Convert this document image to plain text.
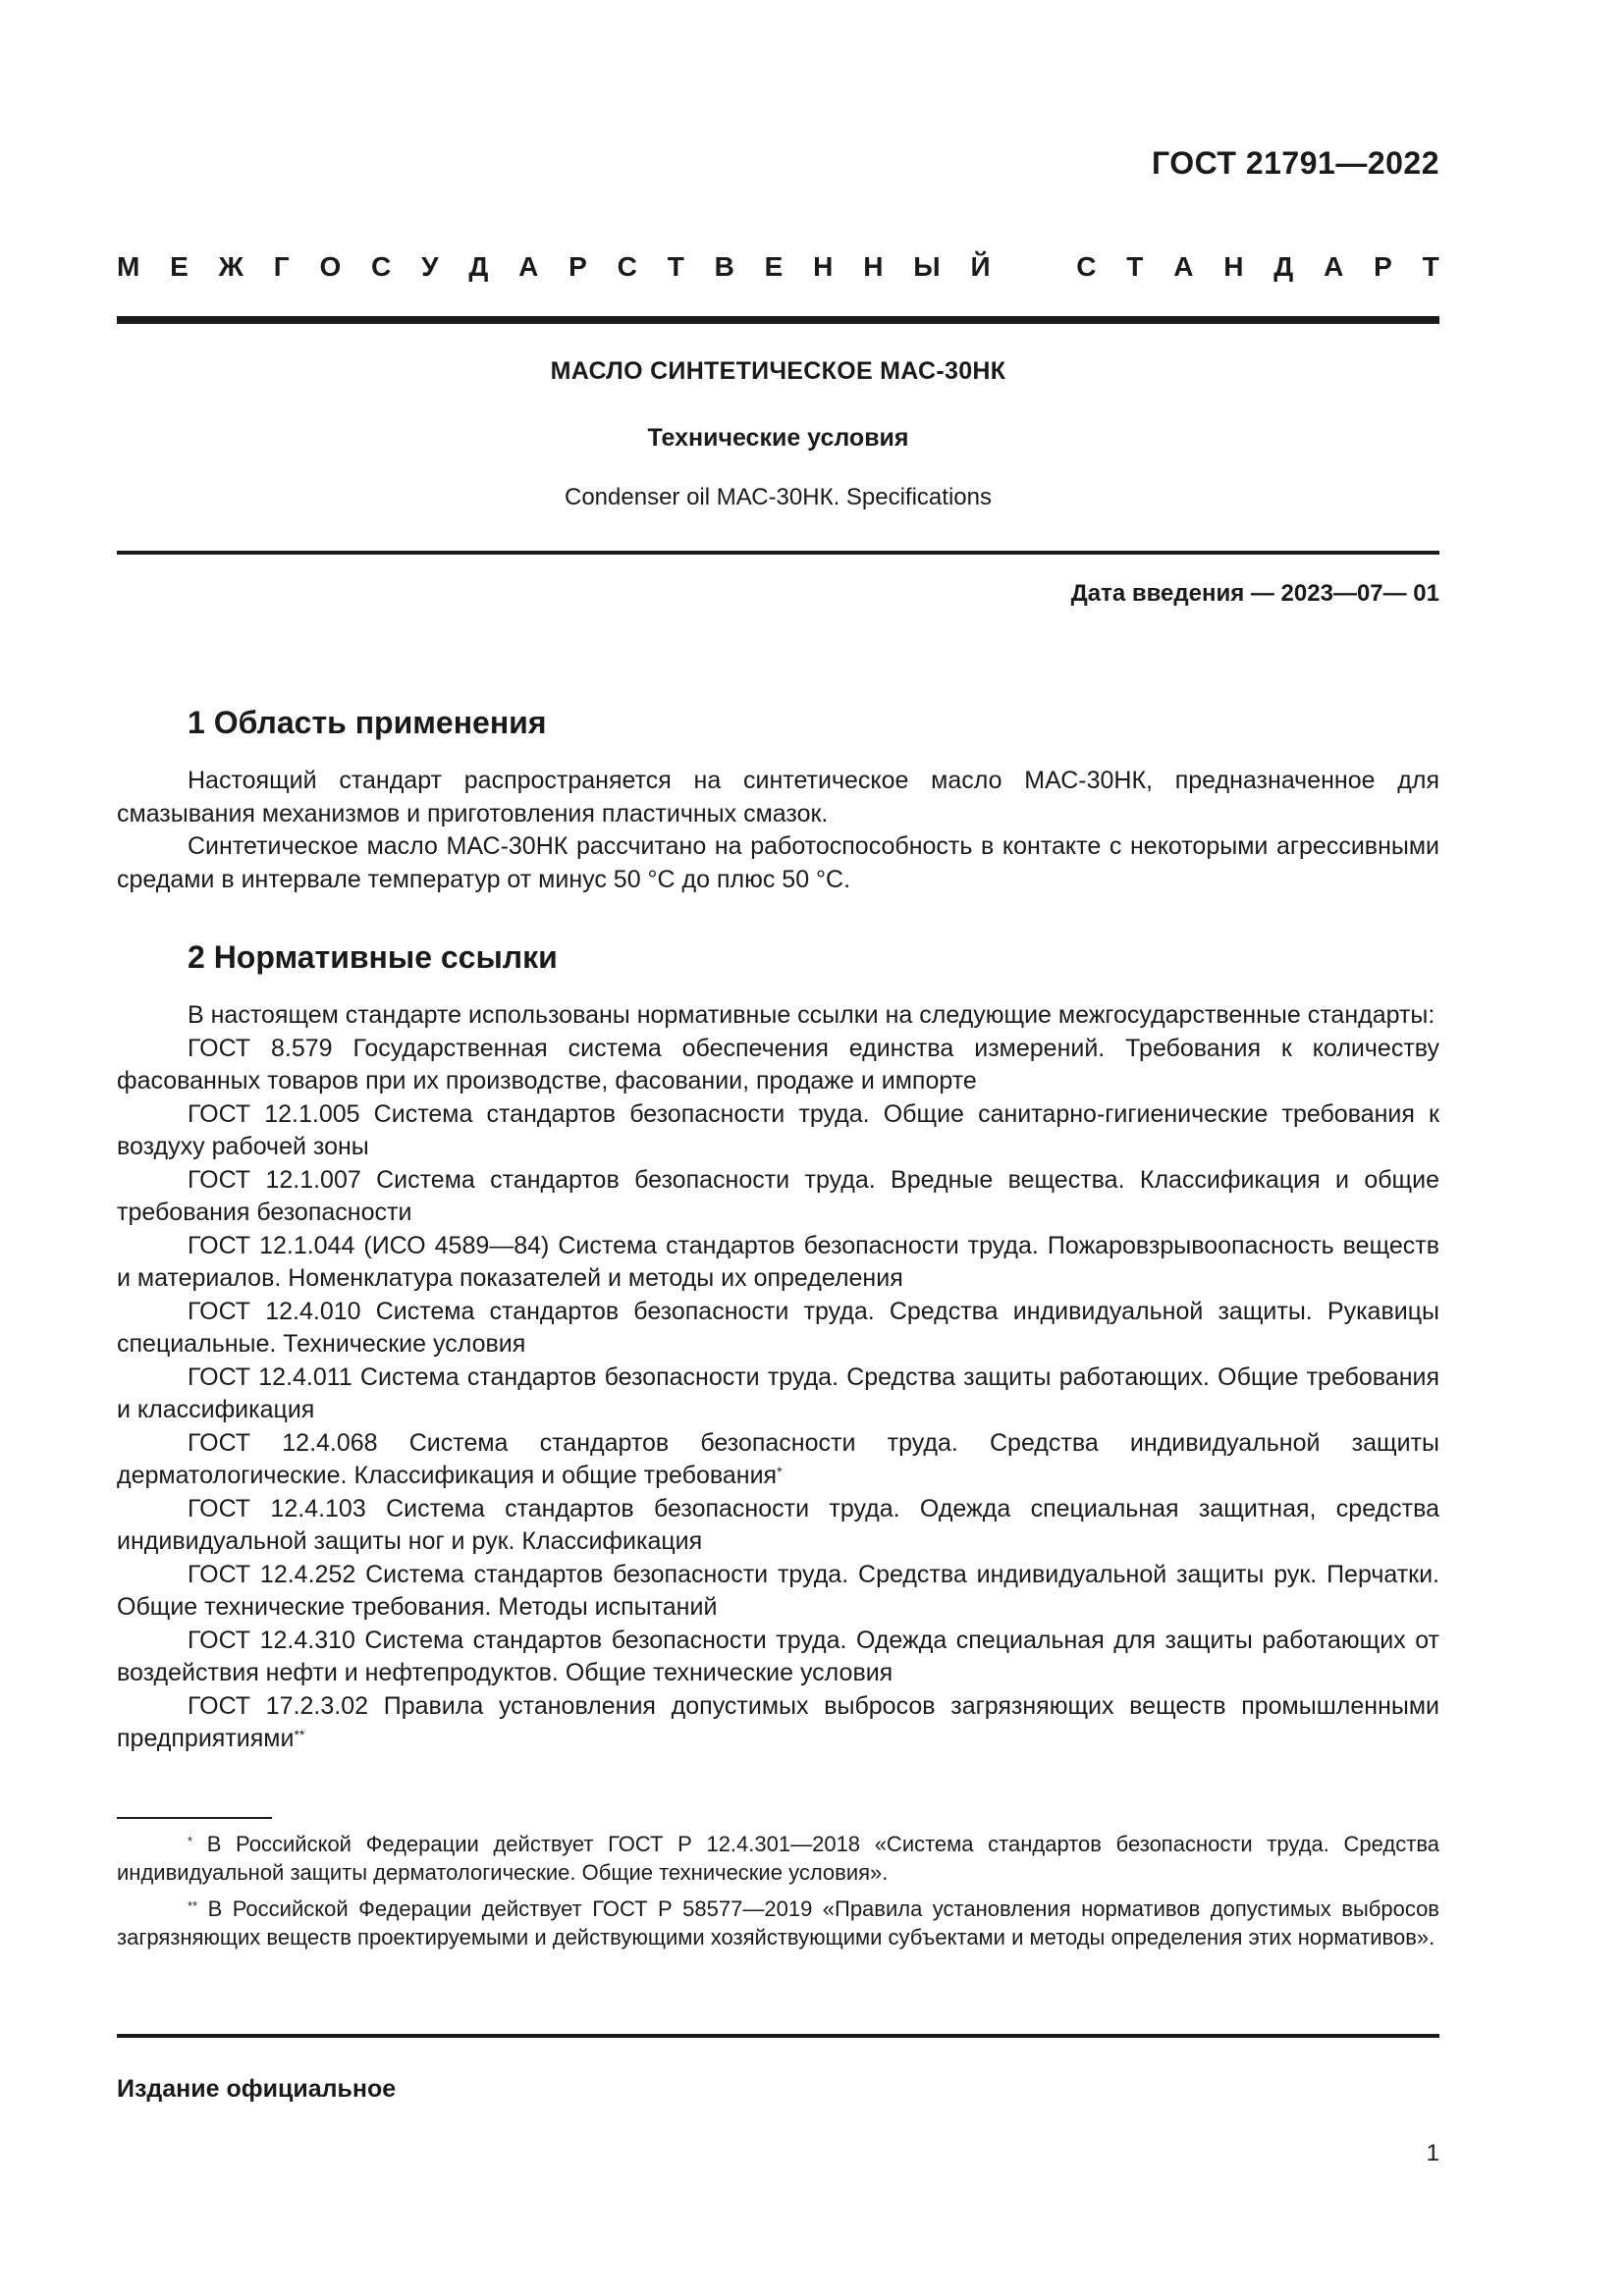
ГОСТ 21791—2022
М Е Ж Г О С У Д А Р С Т В Е Н Н Ы Й	С Т А Н Д А Р Т
МАСЛО СИНТЕТИЧЕСКОЕ МАС-30НК
Технические условия
Condenser oil МАС-30НК. Specifications
Дата введения — 2023—07— 01
1 Область применения

Настоящий стандарт распространяется на синтетическое масло МАС-30НК, предназначенное для смазывания механизмов и приготовления пластичных смазок.

Синтетическое масло МАС-30НК рассчитано на работоспособность в контакте с некоторыми агрессивными средами в интервале температур от минус 50 °С до плюс 50 °С.

2 Нормативные ссылки

В настоящем стандарте использованы нормативные ссылки на следующие межгосударственные стандарты:

ГОСТ 8.579 Государственная система обеспечения единства измерений. Требования к количеству фасованных товаров при их производстве, фасовании, продаже и импорте

ГОСТ 12.1.005 Система стандартов безопасности труда. Общие санитарно-гигиенические требования к воздуху рабочей зоны

ГОСТ 12.1.007 Система стандартов безопасности труда. Вредные вещества. Классификация и общие требования безопасности

ГОСТ 12.1.044 (ИСО 4589—84) Система стандартов безопасности труда. Пожаровзрывоопасность веществ и материалов. Номенклатура показателей и методы их определения

ГОСТ 12.4.010 Система стандартов безопасности труда. Средства индивидуальной защиты. Рукавицы специальные. Технические условия

ГОСТ 12.4.011 Система стандартов безопасности труда. Средства защиты работающих. Общие требования и классификация

ГОСТ 12.4.068 Система стандартов безопасности труда. Средства индивидуальной защиты дерматологические. Классификация и общие требования*

ГОСТ 12.4.103 Система стандартов безопасности труда. Одежда специальная защитная, средства индивидуальной защиты ног и рук. Классификация

ГОСТ 12.4.252 Система стандартов безопасности труда. Средства индивидуальной защиты рук. Перчатки. Общие технические требования. Методы испытаний

ГОСТ 12.4.310 Система стандартов безопасности труда. Одежда специальная для защиты работающих от воздействия нефти и нефтепродуктов. Общие технические условия

ГОСТ 17.2.3.02 Правила установления допустимых выбросов загрязняющих веществ промышленными предприятиями**

* В Российской Федерации действует ГОСТ Р 12.4.301—2018 «Система стандартов безопасности труда. Средства индивидуальной защиты дерматологические. Общие технические условия».

** В Российской Федерации действует ГОСТ Р 58577—2019 «Правила установления нормативов допустимых выбросов загрязняющих веществ проектируемыми и действующими хозяйствующими субъектами и методы определения этих нормативов».

Издание официальное
1
